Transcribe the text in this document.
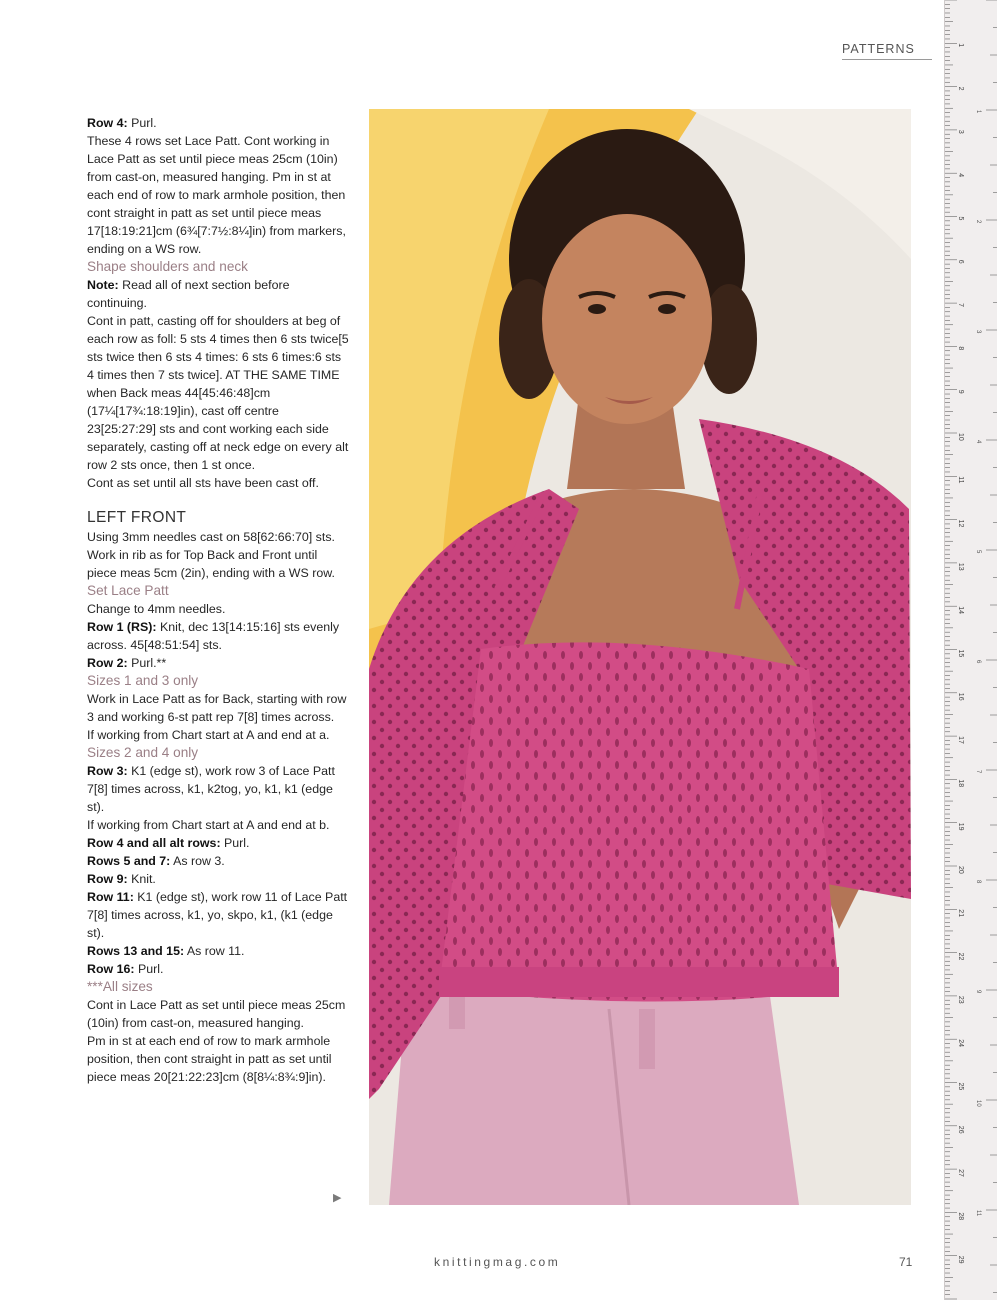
PATTERNS

Row 4: Purl.

These 4 rows set Lace Patt. Cont working in Lace Patt as set until piece meas 25cm (10in) from cast-on, measured hanging. Pm in st at each end of row to mark armhole position, then cont straight in patt as set until piece meas 17[18:19:21]cm (6¾[7:7½:8¼]in) from markers, ending on a WS row.

Shape shoulders and neck

Note: Read all of next section before continuing.

Cont in patt, casting off for shoulders at beg of each row as foll: 5 sts 4 times then 6 sts twice[5 sts twice then 6 sts 4 times: 6 sts 6 times:6 sts 4 times then 7 sts twice]. AT THE SAME TIME when Back meas 44[45:46:48]cm (17¼[17¾:18:19]in), cast off centre 23[25:27:29] sts and cont working each side separately, casting off at neck edge on every alt row 2 sts once, then 1 st once.

Cont as set until all sts have been cast off.

LEFT FRONT

Using 3mm needles cast on 58[62:66:70] sts.

Work in rib as for Top Back and Front until piece meas 5cm (2in), ending with a WS row.

Set Lace Patt

Change to 4mm needles.

Row 1 (RS): Knit, dec 13[14:15:16] sts evenly across. 45[48:51:54] sts.

Row 2: Purl.**

Sizes 1 and 3 only

Work in Lace Patt as for Back, starting with row 3 and working 6-st patt rep 7[8] times across.

If working from Chart start at A and end at a.

Sizes 2 and 4 only

Row 3: K1 (edge st), work row 3 of Lace Patt 7[8] times across, k1, k2tog, yo, k1, k1 (edge st).

If working from Chart start at A and end at b.

Row 4 and all alt rows: Purl.

Rows 5 and 7: As row 3.

Row 9: Knit.

Row 11: K1 (edge st), work row 11 of Lace Patt 7[8] times across, k1, yo, skpo, k1, (k1 (edge st).

Rows 13 and 15: As row 11.

Row 16: Purl.

***All sizes

Cont in Lace Patt as set until piece meas 25cm (10in) from cast-on, measured hanging.

Pm in st at each end of row to mark armhole position, then cont straight in patt as set until piece meas 20[21:22:23]cm (8[8¼:8¾:9]in).

▶
knittingmag.com	71
1
2
3
4
5
6
7
8
9
10
11
12
13
14
15
16
17
18
19
20
21
22
23
24
25
26
27
28
29
1
2
3
4
5
6
7
8
9
10
11
